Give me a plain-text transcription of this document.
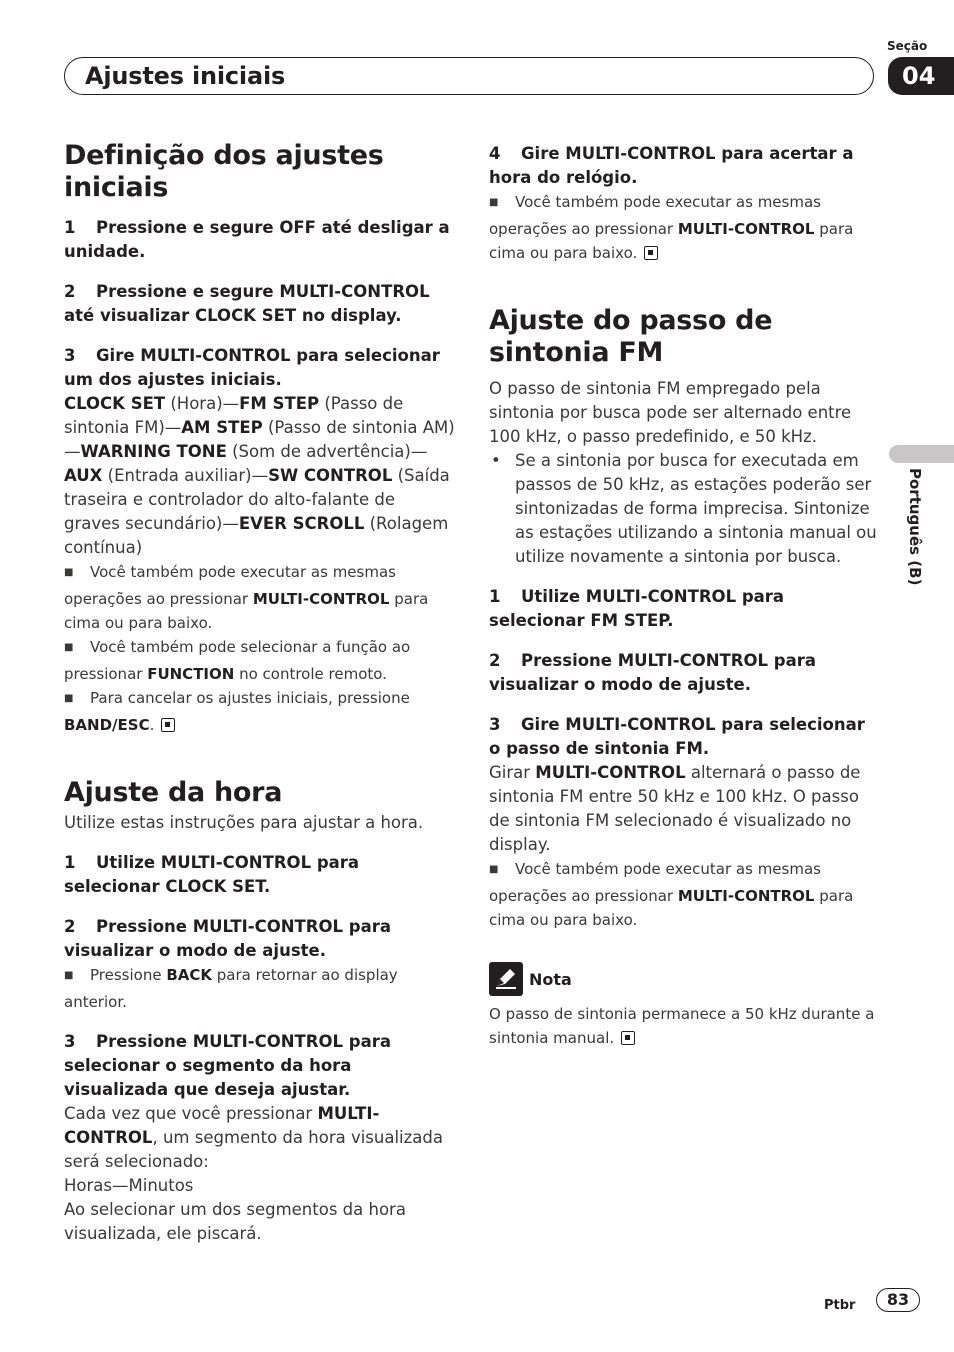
Ajustes iniciais
Seção
04
Português (B)
Definição dos ajustes iniciais

1 Pressione e segure OFF até desligar a unidade.

2 Pressione e segure MULTI-CONTROL até visualizar CLOCK SET no display.

3 Gire MULTI-CONTROL para selecionar um dos ajustes iniciais.

CLOCK SET (Hora)—FM STEP (Passo de sintonia FM)—AM STEP (Passo de sintonia AM)—WARNING TONE (Som de advertência)—AUX (Entrada auxiliar)—SW CONTROL (Saída traseira e controlador do alto-falante de graves secundário)—EVER SCROLL (Rolagem contínua)

■ Você também pode executar as mesmas operações ao pressionar MULTI-CONTROL para cima ou para baixo.

■ Você também pode selecionar a função ao pressionar FUNCTION no controle remoto.

■ Para cancelar os ajustes iniciais, pressione BAND/ESC.

Ajuste da hora

Utilize estas instruções para ajustar a hora.

1 Utilize MULTI-CONTROL para selecionar CLOCK SET.

2 Pressione MULTI-CONTROL para visualizar o modo de ajuste.

■ Pressione BACK para retornar ao display anterior.

3 Pressione MULTI-CONTROL para selecionar o segmento da hora visualizada que deseja ajustar.

Cada vez que você pressionar MULTI-CONTROL, um segmento da hora visualizada será selecionado:

Horas—Minutos

Ao selecionar um dos segmentos da hora visualizada, ele piscará.

4 Gire MULTI-CONTROL para acertar a hora do relógio.

■ Você também pode executar as mesmas operações ao pressionar MULTI-CONTROL para cima ou para baixo.

Ajuste do passo de sintonia FM

O passo de sintonia FM empregado pela sintonia por busca pode ser alternado entre 100 kHz, o passo predefinido, e 50 kHz.

• Se a sintonia por busca for executada em passos de 50 kHz, as estações poderão ser sintonizadas de forma imprecisa. Sintonize as estações utilizando a sintonia manual ou utilize novamente a sintonia por busca.

1 Utilize MULTI-CONTROL para selecionar FM STEP.

2 Pressione MULTI-CONTROL para visualizar o modo de ajuste.

3 Gire MULTI-CONTROL para selecionar o passo de sintonia FM.

Girar MULTI-CONTROL alternará o passo de sintonia FM entre 50 kHz e 100 kHz. O passo de sintonia FM selecionado é visualizado no display.

■ Você também pode executar as mesmas operações ao pressionar MULTI-CONTROL para cima ou para baixo.

Nota

O passo de sintonia permanece a 50 kHz durante a sintonia manual.

Ptbr	83
